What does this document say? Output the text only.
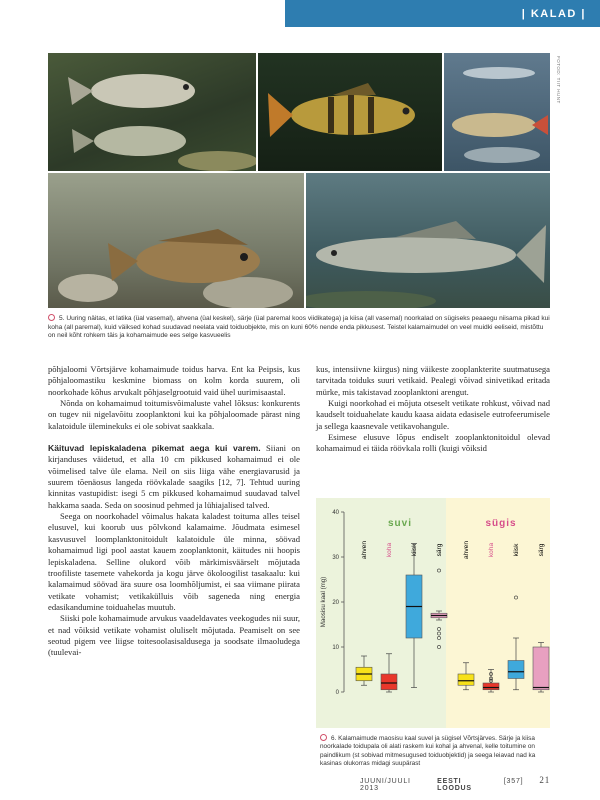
| KALAD |
FOTOD: TIIT HUNT
5. Uuring näitas, et latika (üal vasemal), ahvena (üal keskel), särje (üal paremal koos viidikatega) ja kiisa (all vasemal) noorkalad on sügiseks peaaegu niisama pikad kui koha (all paremal), kuid väiksed kohad suudavad neelata vaid toiduobjekte, mis on kuni 60% nende enda pikkusest. Teistel kalamaimudel on veel muidki eeliseid, mistõttu on neil kõht rohkem täis ja kohamaimude ees selge kasvueelis

põhjaloomi Võrtsjärve kohamaimude toidus harva. Ent ka Peipsis, kus põhjaloomastiku keskmine biomass on kolm korda suurem, oli noorkohade kõhus arvukalt põhjaselgrootuid vaid ühel uurimisaastal.

Nõnda on kohamaimud toitumisvõimaluste vahel lõksus: konkurents on tugev nii nigelavõitu zooplanktoni kui ka põhjaloomade pärast ning kalatoidule üleminekuks ei ole sobivat saakkala.

Käituvad lepiskaladena pikemat aega kui varem. Siiani on kirjanduses väidetud, et alla 10 cm pikkused kohamaimud ei ole võimelised talve üle elama. Neil on siis liiga vähe energiavarusid ja suurem tõenäosus langeda röövkalade saagiks [12, 7]. Tehtud uuring kinnitas vastupidist: isegi 5 cm pikkused kohamaimud suudavad talvel hakkama saada. Seda on soosinud pehmed ja lühiajalised talved.

Seega on noorkohadel võimalus hakata kaladest toituma alles teisel elusuvel, kui koorub uus põlvkond kalamaime. Jõudmata esimesel kasvusuvel loomplanktonitoidult kalatoidule üle minna, söövad kohamaimud ligi pool aastat kauem zooplanktonit, käitudes nii hoopis lepiskaladena. Selline olukord võib märkimisväärselt mõjutada troofiliste tasemete vahekorda ja kogu järve ökoloogilist tasakaalu: kui kalamaimud söövad ära suure osa loomhõljumist, ei saa viimane piirata vetikate vohamist; vetikakülluis võib sageneda ning energia edasikandumine toiduahelas muutub.

Siiski pole kohamaimude arvukus vaadeldavates veekogudes nii suur, et nad võiksid vetikate vohamist oluliselt mõjutada. Peamiselt on see seotud pigem vee liigse toitesoolasisaldusega ja soodsate ilmaoludega (tuulevai-

kus, intensiivne kiirgus) ning väikeste zooplankterite suutmatusega tarvitada toiduks suuri vetikaid. Pealegi võivad sinivetikad eritada mürke, mis takistavad zooplanktoni arengut.

Kuigi noorkohad ei mõjuta otseselt vetikate rohkust, võivad nad kaudselt toiduahelate kaudu kaasa aidata edasisele eutrofeerumisele ja sellega kaasnevale vetikavohangule.

Esimese elusuve lõpus endiselt zooplanktonitoidul olevad kohamaimud ei täida röövkala rolli (kuigi võiksid

0
10
20
30
40
Maosisu kaal (mg)
suvi	sügis
ahven	koha	kiisk	särg	ahven	koha	kiisk	särg
6. Kalamaimude maosisu kaal suvel ja sügisel Võrtsjärves. Särje ja kiisa noorkalade toidupala oli alati raskem kui kohal ja ahvenal, kelle toitumine on paindlikum (st sobivad mitmesugused toiduobjektid) ja seega leiavad nad ka kasinas olukorras midagi suupärast
JUUNI/JUULI 2013
EESTI LOODUS
[357] 21
